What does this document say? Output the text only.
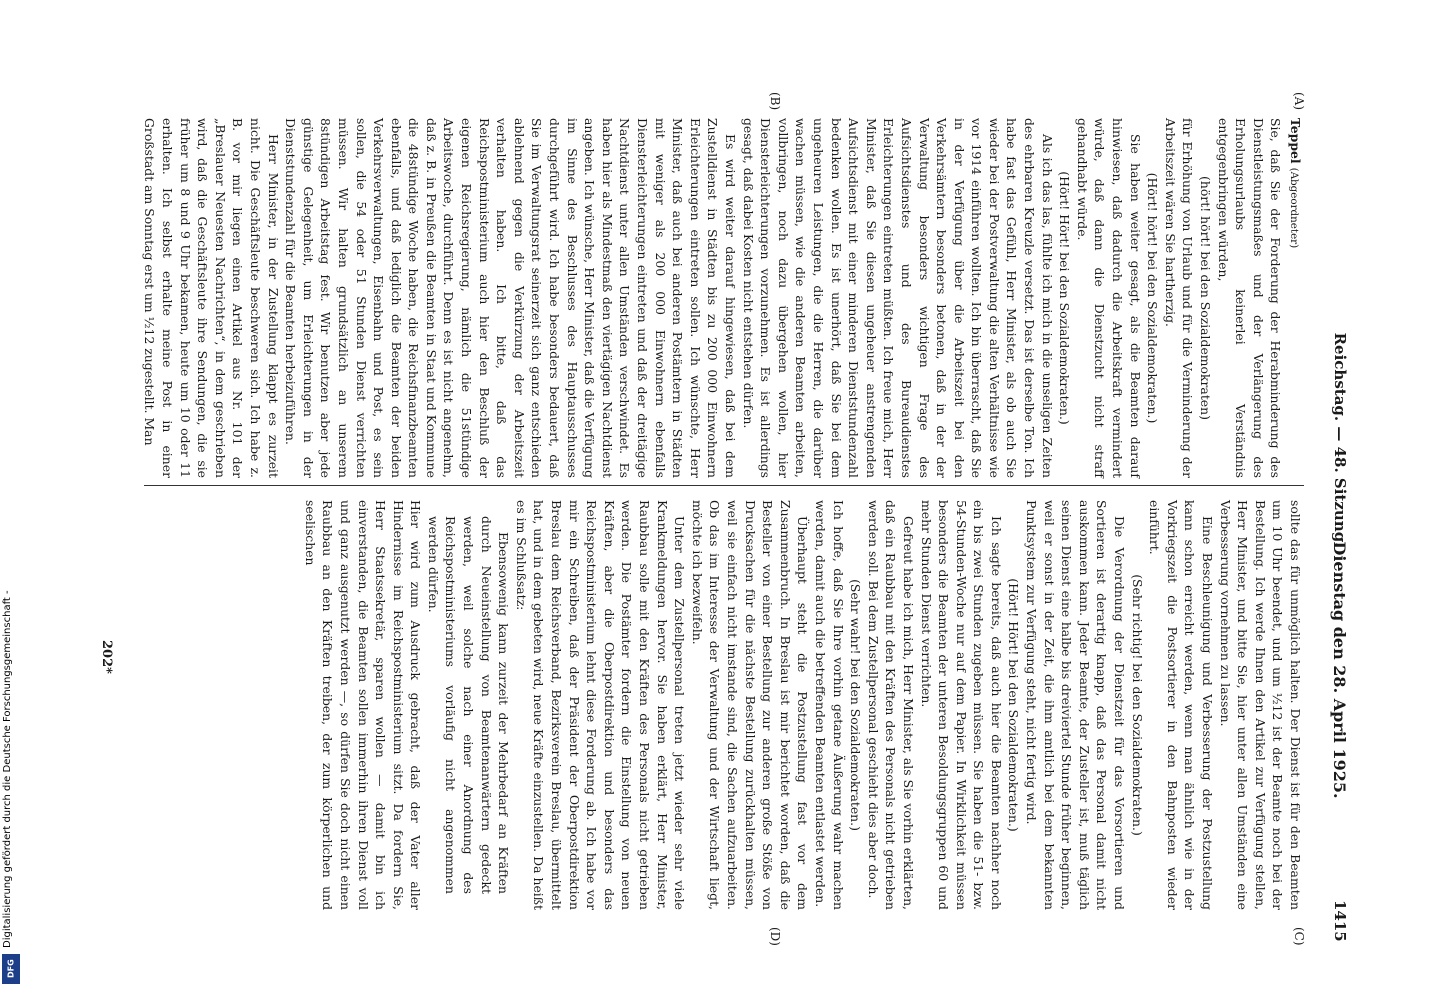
Reichstag. — 48. Sitzung.
Dienstag den 28. April 1925.
1415
(A)
(B)
(C)
(D)

Teppel (Abgeordneter)

Sie, daß Sie der Forderung der Herabminderung des Dienstleistungsmaßes und der Verlängerung des Erholungsurlaubs keinerlei Verständnis entgegenbringen würden,

(hört! hört! bei den Sozialdemokraten)

für Erhöhung von Urlaub und für die Verminderung der Arbeitszeit wären Sie hartherzig.

(Hört! hört! bei den Sozialdemokraten.)

Sie haben weiter gesagt, als die Beamten darauf hinwiesen, daß dadurch die Arbeitskraft vermindert würde, daß dann die Dienstzucht nicht straff gehandhabt würde.

(Hört! Hört! bei den Sozialdemokraten.)

Als ich das las, fühlte ich mich in die unseligen Zeiten des ehrbaren Kreuzle versetzt. Das ist derselbe Ton. Ich habe fast das Gefühl, Herr Minister, als ob auch Sie wieder bei der Postverwaltung die alten Verhältnisse wie vor 1914 einführen wollten. Ich bin überrascht, daß Sie in der Verfügung über die Arbeitszeit bei den Verkehrsämtern besonders betonen, daß in der der Verwaltung besonders wichtigen Frage des Aufsichtsdienstes und des Bureaudienstes Erleichterungen eintreten müßten. Ich freue mich, Herr Minister, daß Sie diesen ungeheuer anstrengenden Aufsichtsdienst mit einer minderen Dienststundenzahl bedenken wollen. Es ist unerhört, daß Sie bei dem ungeheuren Leistungen, die die Herren, die darüber wachen müssen, wie die anderen Beamten arbeiten, vollbringen, noch dazu übergehen wollen, hier Diensterleichterungen vorzunehmen. Es ist allerdings gesagt, daß dabei Kosten nicht entstehen dürfen.

Es wird weiter darauf hingewiesen, daß bei dem Zustelldienst in Städten bis zu 200 000 Einwohnern Erleichterungen eintreten sollen. Ich wünschte, Herr Minister, daß auch bei anderen Postämtern in Städten mit weniger als 200 000 Einwohnern ebenfalls Diensterleichterungen eintreten und daß der dreitägige Nachtdienst unter allen Umständen verschwindet. Es haben hier als Mindestmaß den viertägigen Nachtdienst angeben. Ich wünsche, Herr Minister, daß die Verfügung im Sinne des Beschlusses des Hauptausschusses durchgeführt wird. Ich habe besonders bedauert, daß Sie im Verwaltungsrat seinerzeit sich ganz entschieden ablehnend gegen die Verkürzung der Arbeitszeit verhalten haben. Ich bitte, daß das Reichspostministerium auch hier den Beschluß der eigenen Reichsregierung, nämlich die 51stündige Arbeitswoche, durchführt. Denn es ist nicht angenehm, daß z. B. in Preußen die Beamten in Staat und Kommune die 48stündige Woche haben, die Reichsfinanzbeamten ebenfalls, und daß lediglich die Beamten der beiden Verkehrsverwaltungen, Eisenbahn und Post, es sein sollen, die 54 oder 51 Stunden Dienst verrichten müssen. Wir halten grundsätzlich an unserem 8stündigen Arbeitstag fest. Wir benutzen aber jede günstige Gelegenheit, um Erleichterungen in der Dienststundenzahl für die Beamten herbeizuführen.

Herr Minister, in der Zustellung klappt es zurzeit nicht. Die Geschäftsleute beschweren sich. Ich habe z. B. vor mir liegen einen Artikel aus Nr. 101 der „Breslauer Neuesten Nachrichten“, in dem geschrieben wird, daß die Geschäftsleute ihre Sendungen, die sie früher um 8 und 9 Uhr bekamen, heute um 10 oder 11 erhalten. Ich selbst erhalte meine Post in einer Großstadt am Sonntag erst um ½12 zugestellt. Man

sollte das für unmöglich halten. Der Dienst ist für den Beamten um 10 Uhr beendet, und um ½12 ist der Beamte noch bei der Bestellung. Ich werde Ihnen den Artikel zur Verfügung stellen, Herr Minister, und bitte Sie, hier unter allen Umständen eine Verbesserung vornehmen zu lassen.

Eine Beschleunigung und Verbesserung der Postzustellung kann schon erreicht werden, wenn man ähnlich wie in der Vorkriegszeit die Postsortierer in den Bahnposten wieder einführt.

(Sehr richtig! bei den Sozialdemokraten.)

Die Verordnung der Dienstzeit für das Vorsortieren und Sortieren ist derartig knapp, daß das Personal damit nicht auskommen kann. Jeder Beamte, der Zusteller ist, muß täglich seinen Dienst eine halbe bis dreiviertel Stunde früher beginnen, weil er sonst in der Zeit, die ihm amtlich bei dem bekannten Punktsystem zur Verfügung steht, nicht fertig wird.

(Hört! Hört! bei den Sozialdemokraten.)

Ich sagte bereits, daß auch hier die Beamten nachher noch ein bis zwei Stunden zugeben müssen. Sie haben die 51- bzw. 54-Stunden-Woche nur auf dem Papier. In Wirklichkeit müssen besonders die Beamten der unteren Besoldungsgruppen 60 und mehr Stunden Dienst verrichten.

Gefreut habe ich mich, Herr Minister, als Sie vorhin erklärten, daß ein Raubbau mit den Kräften des Personals nicht getrieben werden soll. Bei dem Zustellpersonal geschieht dies aber doch.

(Sehr wahr! bei den Sozialdemokraten.)

Ich hoffe, daß Sie Ihre vorhin getane Äußerung wahr machen werden, damit auch die betreffenden Beamten entlastet werden.

Überhaupt steht die Postzustellung fast vor dem Zusammenbruch. In Breslau ist mir berichtet worden, daß die Besteller von einer Bestellung zur anderen große Stöße von Drucksachen für die nächste Bestellung zurückhalten müssen, weil sie einfach nicht imstande sind, die Sachen aufzuarbeiten. Ob das im Interesse der Verwaltung und der Wirtschaft liegt, möchte ich bezweifeln.

Unter dem Zustellpersonal treten jetzt wieder sehr viele Krankmeldungen hervor. Sie haben erklärt, Herr Minister, Raubbau solle mit den Kräften des Personals nicht getrieben werden. Die Postämter fordern die Einstellung von neuen Kräften, aber die Oberpostdirektion und besonders das Reichspostministerium lehnt diese Forderung ab. Ich habe vor mir ein Schreiben, daß der Präsident der Oberpostdirektion Breslau dem Reichsverband, Bezirksverein Breslau, übermittelt hat, und in dem gebeten wird, neue Kräfte einzustellen. Da heißt es im Schlußsatz:

Ebensowenig kann zurzeit der Mehrbedarf an Kräften durch Neueinstellung von Beamtenanwärtern gedeckt werden, weil solche nach einer Anordnung des Reichspostministeriums vorläufig nicht angenommen werden dürfen.

Hier wird zum Ausdruck gebracht, daß der Vater aller Hindernisse im Reichspostministerium sitzt. Da fordern Sie, Herr Staatssekretär, sparen wollen — damit bin ich einverstanden, die Beamten sollen immerhin ihren Dienst voll und ganz ausgenutzt werden —, so dürfen Sie doch nicht einen Raubbau an den Kräften treiben, der zum körperlichen und seelischen

202*
Digitalisierung gefördert durch die Deutsche Forschungsgemeinschaft -
DFG
